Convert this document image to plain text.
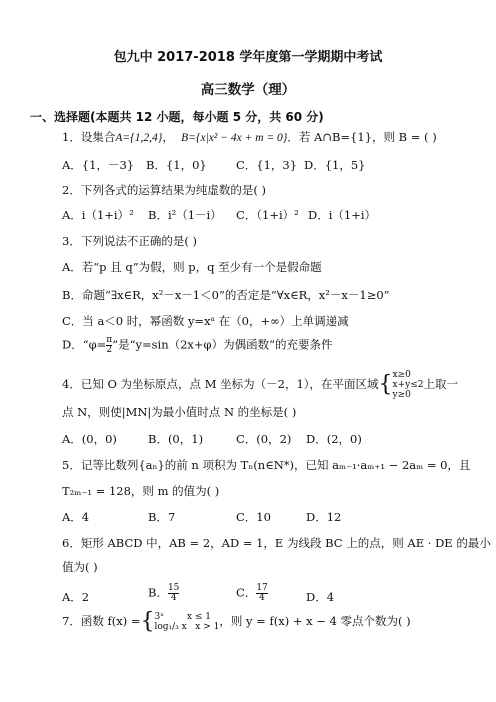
包九中 2017-2018 学年度第一学期期中考试
高三数学（理）
一、选择题(本题共 12 小题，每小题 5 分，共 60 分)
1．设集合A={1,2,4}， B={x|x² − 4x + m = 0}．若 A∩B={1}，则 B = ( )
A．{1，－3} B．{1，0}	C．{1，3} D．{1，5}
2．下列各式的运算结果为纯虚数的是( )
A．i（1+i）² B．i²（1－i） C．（1+i）² D．i（1+i）
3．下列说法不正确的是( )
A．若“p 且 q”为假，则 p，q 至少有一个是假命题
B．命题“∃x∈R，x²－x－1＜0”的否定是“∀x∈R，x²－x－1≥0”
C．当 a＜0 时，幂函数 y=xᵃ 在（0，+∞）上单调递减
D．“$\varphi= \frac{\pi}{2}$ ”是“y=sin（2x+φ）为偶函数”的充要条件
4．已知 O 为坐标原点，点 M 坐标为（－2，1），在平面区域{ x≥0
x+y≤2
y≥0
上取一
点 N，则使|MN|为最小值时点 N 的坐标是( )
A．(0，0)	B．(0，1)	C．(0，2) D．(2，0)
5．记等比数列{aₙ}的前 n 项积为 Tₙ(n∈N*)，已知 aₘ₋₁·aₘ₊₁ − 2aₘ = 0，且
T₂ₘ₋₁ = 128，则 m 的值为( )
A．4	B．7	C．10	D．12
6．矩形 ABCD 中，AB = 2，AD = 1，E 为线段 BC 上的点，则 AE · DE 的最小
值为( )
A．2	B． $\frac{15}{4}$	C． $\frac{17}{4}$	D．4
7．函数 f(x) ={ 3ˣ        x ≤ 1
log₁/₃ x   x > 1 ，则 y = f(x) + x − 4 零点个数为( )
